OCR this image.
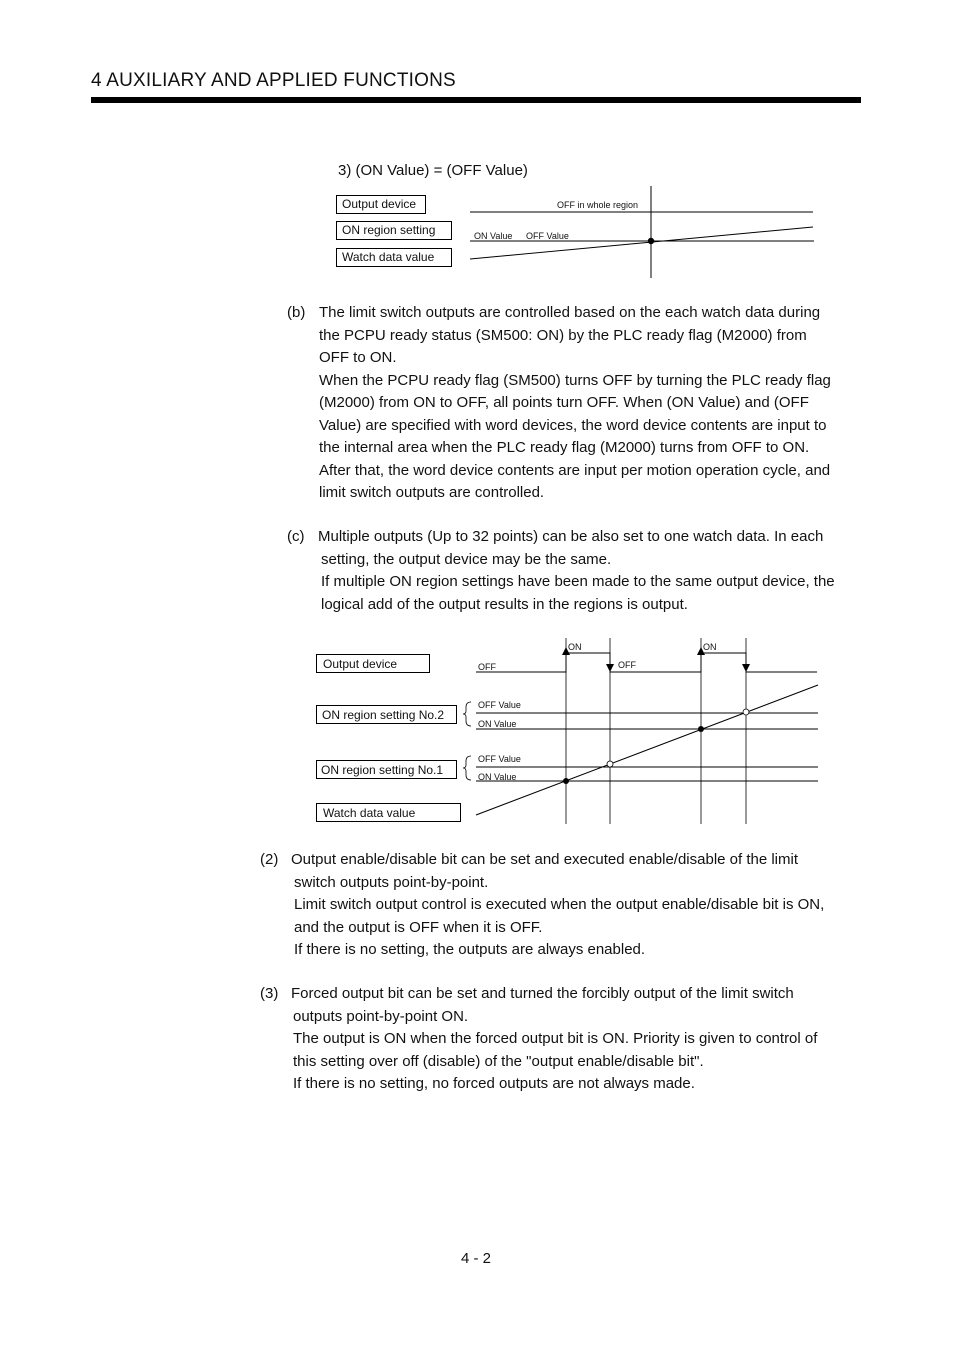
4 AUXILIARY AND APPLIED FUNCTIONS
3) (ON Value) = (OFF Value)
Output device
ON region setting
Watch data value
OFF in whole region
ON Value OFF Value
(b) The limit switch outputs are controlled based on the each watch data during
the PCPU ready status (SM500: ON) by the PLC ready flag (M2000) from
OFF to ON.
When the PCPU ready flag (SM500) turns OFF by turning the PLC ready flag
(M2000) from ON to OFF, all points turn OFF. When (ON Value) and (OFF
Value) are specified with word devices, the word device contents are input to
the internal area when the PLC ready flag (M2000) turns from OFF to ON.
After that, the word device contents are input per motion operation cycle, and
limit switch outputs are controlled.
(c) Multiple outputs (Up to 32 points) can be also set to one watch data. In each
setting, the output device may be the same.
If multiple ON region settings have been made to the same output device, the
logical add of the output results in the regions is output.
Output device
ON region setting No.2
ON region setting No.1
Watch data value
ON	ON
OFF	OFF
OFF Value
ON Value
OFF Value
ON Value
(2) Output enable/disable bit can be set and executed enable/disable of the limit
switch outputs point-by-point.
Limit switch output control is executed when the output enable/disable bit is ON,
and the output is OFF when it is OFF.
If there is no setting, the outputs are always enabled.
(3) Forced output bit can be set and turned the forcibly output of the limit switch
outputs point-by-point ON.
The output is ON when the forced output bit is ON. Priority is given to control of
this setting over off (disable) of the "output enable/disable bit".
If there is no setting, no forced outputs are not always made.
4 - 2
